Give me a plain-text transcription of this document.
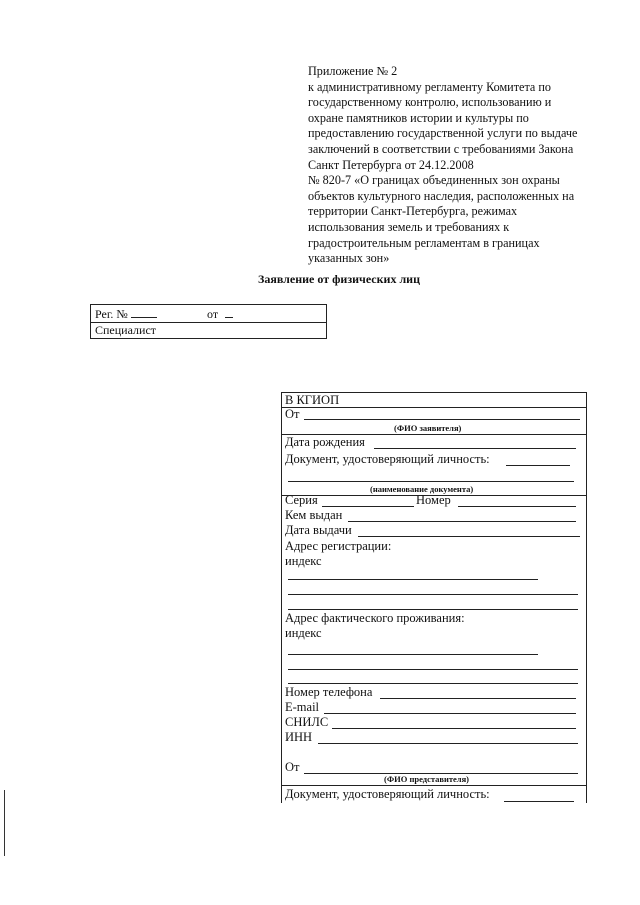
Приложение № 2
к административному регламенту Комитета по
государственному контролю, использованию и
охране памятников истории и культуры по
предоставлению государственной услуги по выдаче
заключений в соответствии с требованиями Закона
Санкт Петербурга от 24.12.2008
№ 820-7 «О границах объединенных зон охраны
объектов культурного наследия, расположенных на
территории Санкт-Петербурга, режимах
использования земель и требованиях к
градостроительным регламентам в границах
указанных зон»
Заявление от физических лиц
Рег. №	от
Специалист
В КГИОП
От
(ФИО заявителя)
Дата рождения
Документ, удостоверяющий личность:
(наименование документа)
Серия	Номер
Кем выдан
Дата выдачи
Адрес регистрации:
индекс
Адрес фактического проживания:
индекс
Номер телефона
E-mail
СНИЛС
ИНН
От
(ФИО представителя)
Документ, удостоверяющий личность:
